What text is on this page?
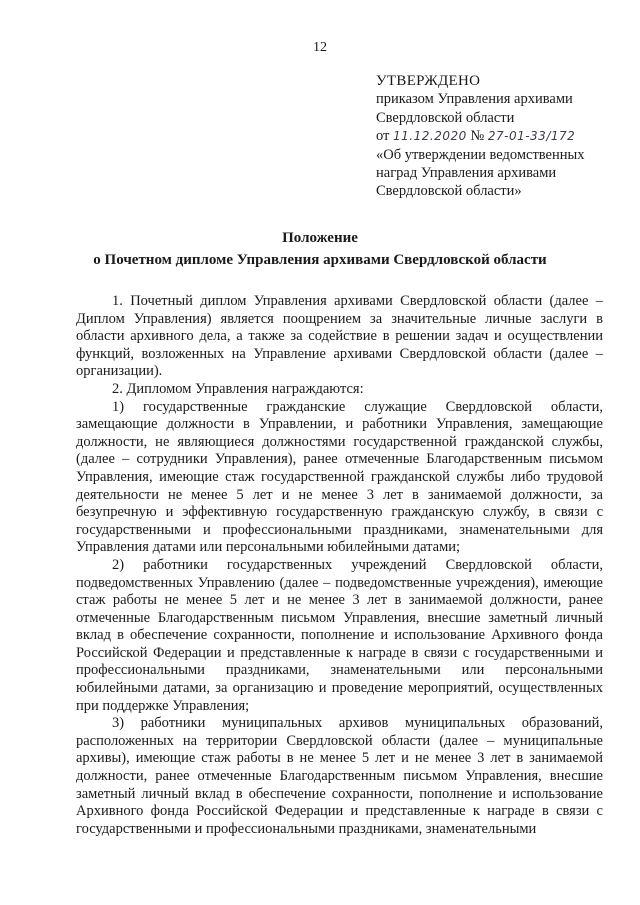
12
УТВЕРЖДЕНО
приказом Управления архивами
Свердловской области
от 11.12.2020 № 27-01-33/172
«Об утверждении ведомственных
наград Управления архивами
Свердловской области»
Положение
о Почетном дипломе Управления архивами Свердловской области

1. Почетный диплом Управления архивами Свердловской области (далее – Диплом Управления) является поощрением за значительные личные заслуги в области архивного дела, а также за содействие в решении задач и осуществлении функций, возложенных на Управление архивами Свердловской области (далее – организации).

2. Дипломом Управления награждаются:

1) государственные гражданские служащие Свердловской области, замещающие должности в Управлении, и работники Управления, замещающие должности, не являющиеся должностями государственной гражданской службы, (далее – сотрудники Управления), ранее отмеченные Благодарственным письмом Управления, имеющие стаж государственной гражданской службы либо трудовой деятельности не менее 5 лет и не менее 3 лет в занимаемой должности, за безупречную и эффективную государственную гражданскую службу, в связи с государственными и профессиональными праздниками, знаменательными для Управления датами или персональными юбилейными датами;

2) работники государственных учреждений Свердловской области, подведомственных Управлению (далее – подведомственные учреждения), имеющие стаж работы не менее 5 лет и не менее 3 лет в занимаемой должности, ранее отмеченные Благодарственным письмом Управления, внесшие заметный личный вклад в обеспечение сохранности, пополнение и использование Архивного фонда Российской Федерации и представленные к награде в связи с государственными и профессиональными праздниками, знаменательными или персональными юбилейными датами, за организацию и проведение мероприятий, осуществленных при поддержке Управления;

3) работники муниципальных архивов муниципальных образований, расположенных на территории Свердловской области (далее – муниципальные архивы), имеющие стаж работы в не менее 5 лет и не менее 3 лет в занимаемой должности, ранее отмеченные Благодарственным письмом Управления, внесшие заметный личный вклад в обеспечение сохранности, пополнение и использование Архивного фонда Российской Федерации и представленные к награде в связи с государственными и профессиональными праздниками, знаменательными
